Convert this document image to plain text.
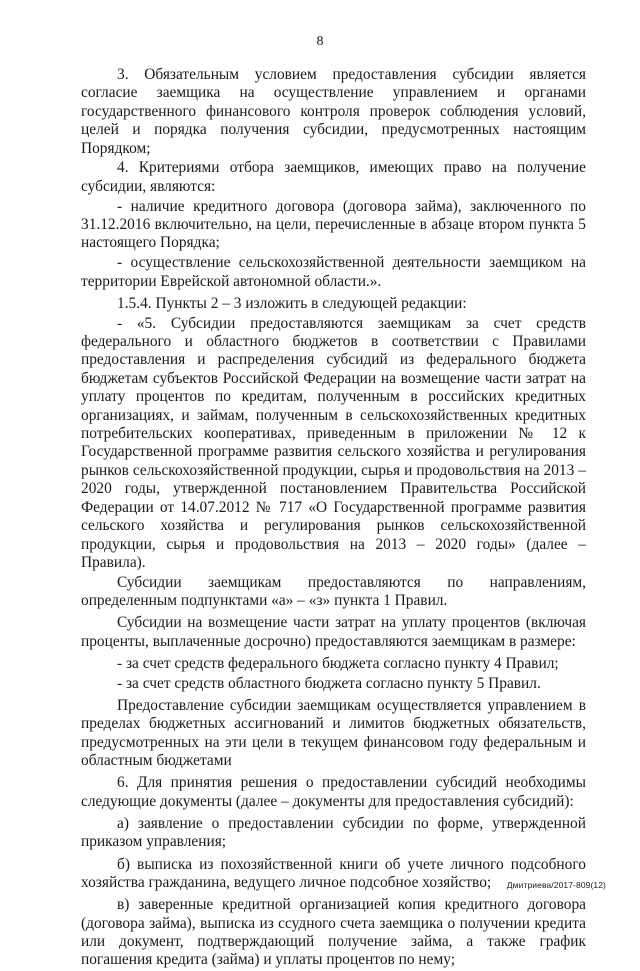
8

3. Обязательным условием предоставления субсидии является согласие заемщика на осуществление управлением и органами государственного финансового контроля проверок соблюдения условий, целей и порядка получения субсидии, предусмотренных настоящим Порядком;

4. Критериями отбора заемщиков, имеющих право на получение субсидии, являются:

- наличие кредитного договора (договора займа), заключенного по 31.12.2016 включительно, на цели, перечисленные в абзаце втором пункта 5 настоящего Порядка;

- осуществление сельскохозяйственной деятельности заемщиком на территории Еврейской автономной области.».

1.5.4. Пункты 2 – 3 изложить в следующей редакции:

- «5. Субсидии предоставляются заемщикам за счет средств федерального и областного бюджетов в соответствии с Правилами предоставления и распределения субсидий из федерального бюджета бюджетам субъектов Российской Федерации на возмещение части затрат на уплату процентов по кредитам, полученным в российских кредитных организациях, и займам, полученным в сельскохозяйственных кредитных потребительских кооперативах, приведенным в приложении № 12 к Государственной программе развития сельского хозяйства и регулирования рынков сельскохозяйственной продукции, сырья и продовольствия на 2013 – 2020 годы, утвержденной постановлением Правительства Российской Федерации от 14.07.2012 № 717 «О Государственной программе развития сельского хозяйства и регулирования рынков сельскохозяйственной продукции, сырья и продовольствия на 2013 – 2020 годы» (далее – Правила).

Субсидии заемщикам предоставляются по направлениям, определенным подпунктами «а» – «з» пункта 1 Правил.

Субсидии на возмещение части затрат на уплату процентов (включая проценты, выплаченные досрочно) предоставляются заемщикам в размере:

- за счет средств федерального бюджета согласно пункту 4 Правил;

- за счет средств областного бюджета согласно пункту 5 Правил.

Предоставление субсидии заемщикам осуществляется управлением в пределах бюджетных ассигнований и лимитов бюджетных обязательств, предусмотренных на эти цели в текущем финансовом году федеральным и областным бюджетами

6. Для принятия решения о предоставлении субсидий необходимы следующие документы (далее – документы для предоставления субсидий):

а) заявление о предоставлении субсидии по форме, утвержденной приказом управления;

б) выписка из похозяйственной книги об учете личного подсобного хозяйства гражданина, ведущего личное подсобное хозяйство;

в) заверенные кредитной организацией копия кредитного договора (договора займа), выписка из ссудного счета заемщика о получении кредита или документ, подтверждающий получение займа, а также график погашения кредита (займа) и уплаты процентов по нему;

Дмитриева/2017-809(12)
